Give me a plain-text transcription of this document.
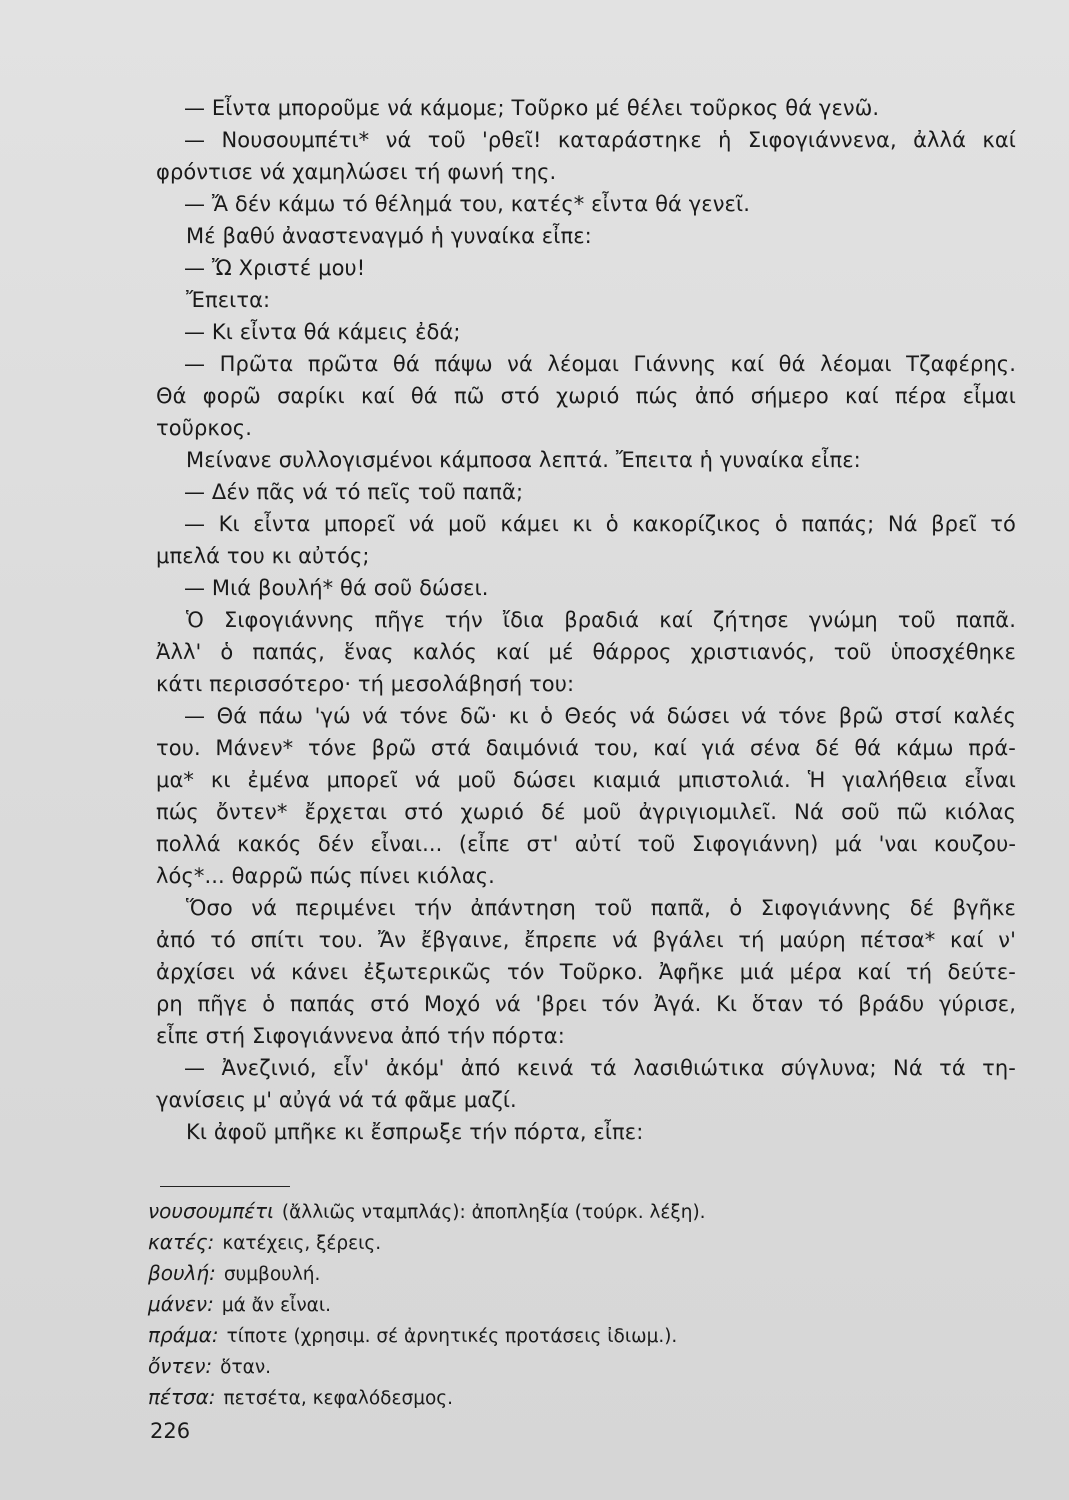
— Εἶντα μποροῦμε νά κάμομε; Τοῦρκο μέ θέλει τοῦρκος θά γενῶ.
— Νουσουμπέτι* νά τοῦ 'ρθεῖ! καταράστηκε ἡ Σιφογιάννενα, ἀλλά καί
φρόντισε νά χαμηλώσει τή φωνή της.
— Ἄ δέν κάμω τό θέλημά του, κατές* εἶντα θά γενεῖ.
Μέ βαθύ ἀναστεναγμό ἡ γυναίκα εἶπε:
— Ὤ Χριστέ μου!
Ἔπειτα:
— Κι εἶντα θά κάμεις ἐδά;
— Πρῶτα πρῶτα θά πάψω νά λέομαι Γιάννης καί θά λέομαι Τζαφέρης.
Θά φορῶ σαρίκι καί θά πῶ στό χωριό πώς ἀπό σήμερο καί πέρα εἶμαι
τοῦρκος.
Μείνανε συλλογισμένοι κάμποσα λεπτά. Ἔπειτα ἡ γυναίκα εἶπε:
— Δέν πᾶς νά τό πεῖς τοῦ παπᾶ;
— Κι εἶντα μπορεῖ νά μοῦ κάμει κι ὁ κακορίζικος ὁ παπάς; Νά βρεῖ τό
μπελά του κι αὐτός;
— Μιά βουλή* θά σοῦ δώσει.
Ὁ Σιφογιάννης πῆγε τήν ἴδια βραδιά καί ζήτησε γνώμη τοῦ παπᾶ.
Ἀλλ' ὁ παπάς, ἕνας καλός καί μέ θάρρος χριστιανός, τοῦ ὑποσχέθηκε
κάτι περισσότερο· τή μεσολάβησή του:
— Θά πάω 'γώ νά τόνε δῶ· κι ὁ Θεός νά δώσει νά τόνε βρῶ στσί καλές
του. Μάνεν* τόνε βρῶ στά δαιμόνιά του, καί γιά σένα δέ θά κάμω πρά-
μα* κι ἐμένα μπορεῖ νά μοῦ δώσει κιαμιά μπιστολιά. Ἡ γιαλήθεια εἶναι
πώς ὄντεν* ἔρχεται στό χωριό δέ μοῦ ἀγριγιομιλεῖ. Νά σοῦ πῶ κιόλας
πολλά κακός δέν εἶναι... (εἶπε στ' αὐτί τοῦ Σιφογιάννη) μά 'ναι κουζου-
λός*... θαρρῶ πώς πίνει κιόλας.
Ὅσο νά περιμένει τήν ἀπάντηση τοῦ παπᾶ, ὁ Σιφογιάννης δέ βγῆκε
ἀπό τό σπίτι του. Ἄν ἔβγαινε, ἔπρεπε νά βγάλει τή μαύρη πέτσα* καί ν'
ἀρχίσει νά κάνει ἐξωτερικῶς τόν Τοῦρκο. Ἀφῆκε μιά μέρα καί τή δεύτε-
ρη πῆγε ὁ παπάς στό Μοχό νά 'βρει τόν Ἀγά. Κι ὅταν τό βράδυ γύρισε,
εἶπε στή Σιφογιάννενα ἀπό τήν πόρτα:
— Ἀνεζινιό, εἶν' ἀκόμ' ἀπό κεινά τά λασιθιώτικα σύγλυνα; Νά τά τη-
γανίσεις μ' αὐγά νά τά φᾶμε μαζί.
Κι ἀφοῦ μπῆκε κι ἔσπρωξε τήν πόρτα, εἶπε:
νουσουμπέτι (ἄλλιῶς νταμπλάς): ἀποπληξία (τούρκ. λέξη).
κατές: κατέχεις, ξέρεις.
βουλή: συμβουλή.
μάνεν: μά ἄν εἶναι.
πράμα: τίποτε (χρησιμ. σέ ἀρνητικές προτάσεις ἰδιωμ.).
ὄντεν: ὅταν.
πέτσα: πετσέτα, κεφαλόδεσμος.
226
